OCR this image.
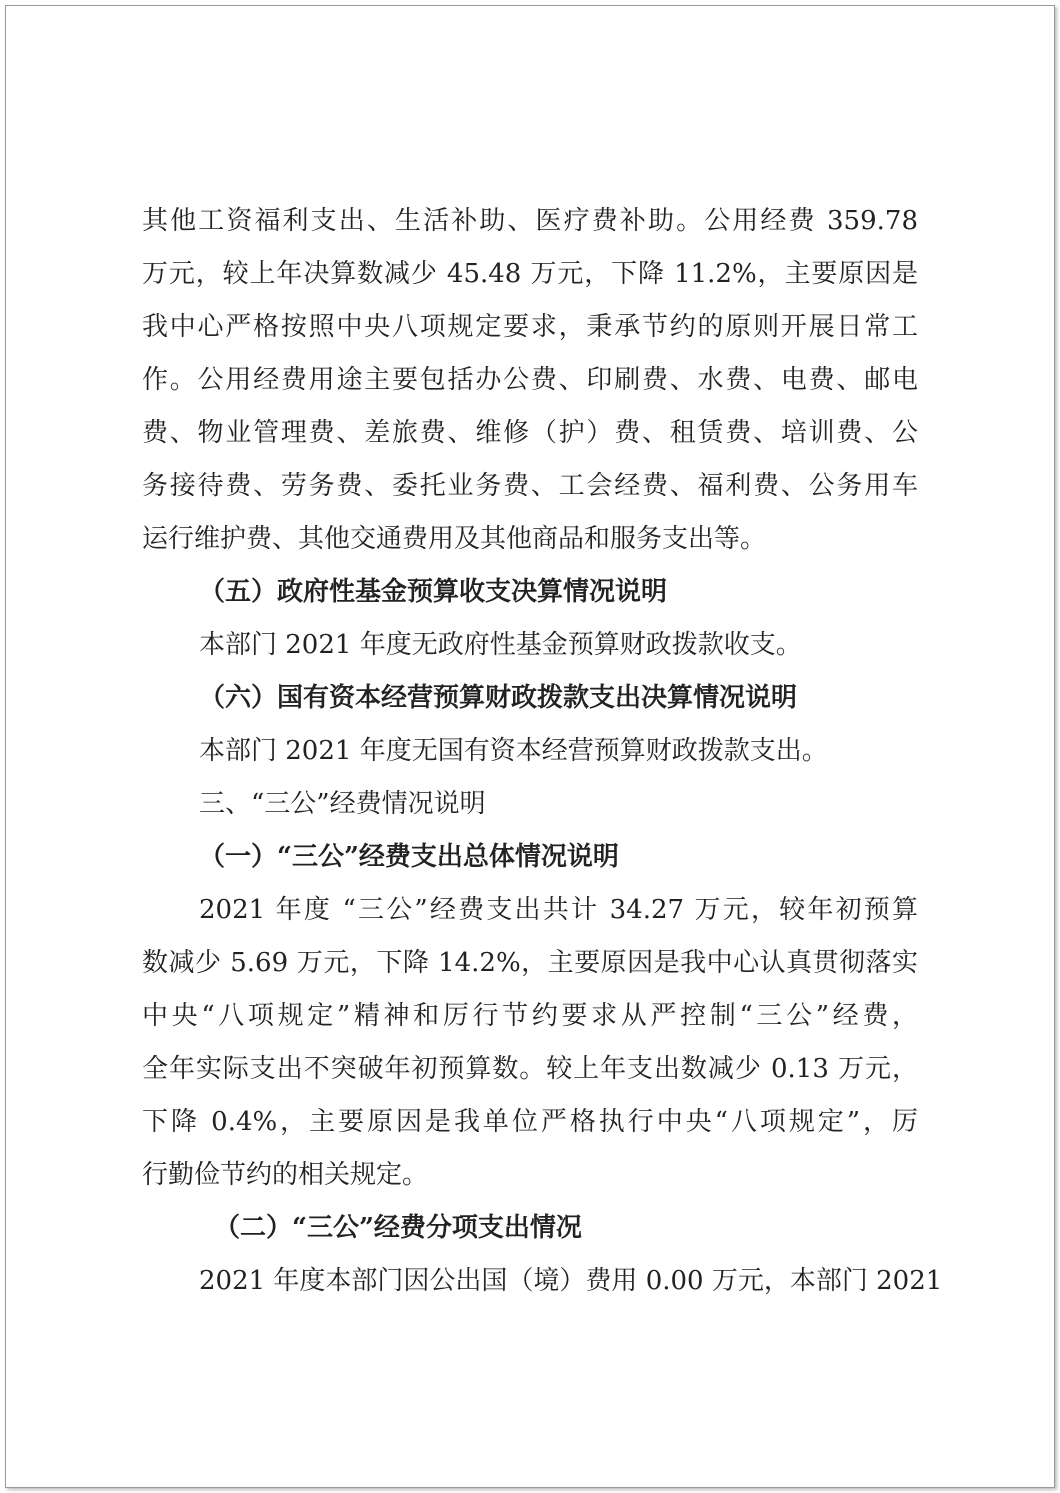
其他工资福利支出、生活补助、医疗费补助。公用经费 359.78
万元，较上年决算数减少 45.48 万元，下降 11.2%，主要原因是
我中心严格按照中央八项规定要求，秉承节约的原则开展日常工
作。公用经费用途主要包括办公费、印刷费、水费、电费、邮电
费、物业管理费、差旅费、维修（护）费、租赁费、培训费、公
务接待费、劳务费、委托业务费、工会经费、福利费、公务用车
运行维护费、其他交通费用及其他商品和服务支出等。
（五）政府性基金预算收支决算情况说明
本部门 2021 年度无政府性基金预算财政拨款收支。
（六）国有资本经营预算财政拨款支出决算情况说明
本部门 2021 年度无国有资本经营预算财政拨款支出。
三、“三公”经费情况说明
（一）“三公”经费支出总体情况说明
2021 年度 “三公”经费支出共计 34.27 万元，较年初预算
数减少 5.69 万元，下降 14.2%，主要原因是我中心认真贯彻落实
中央“八项规定”精神和厉行节约要求从严控制“三公”经费，
全年实际支出不突破年初预算数。较上年支出数减少 0.13 万元，
下降 0.4%，主要原因是我单位严格执行中央“八项规定”，厉
行勤俭节约的相关规定。
（二）“三公”经费分项支出情况
2021 年度本部门因公出国（境）费用 0.00 万元，本部门 2021
